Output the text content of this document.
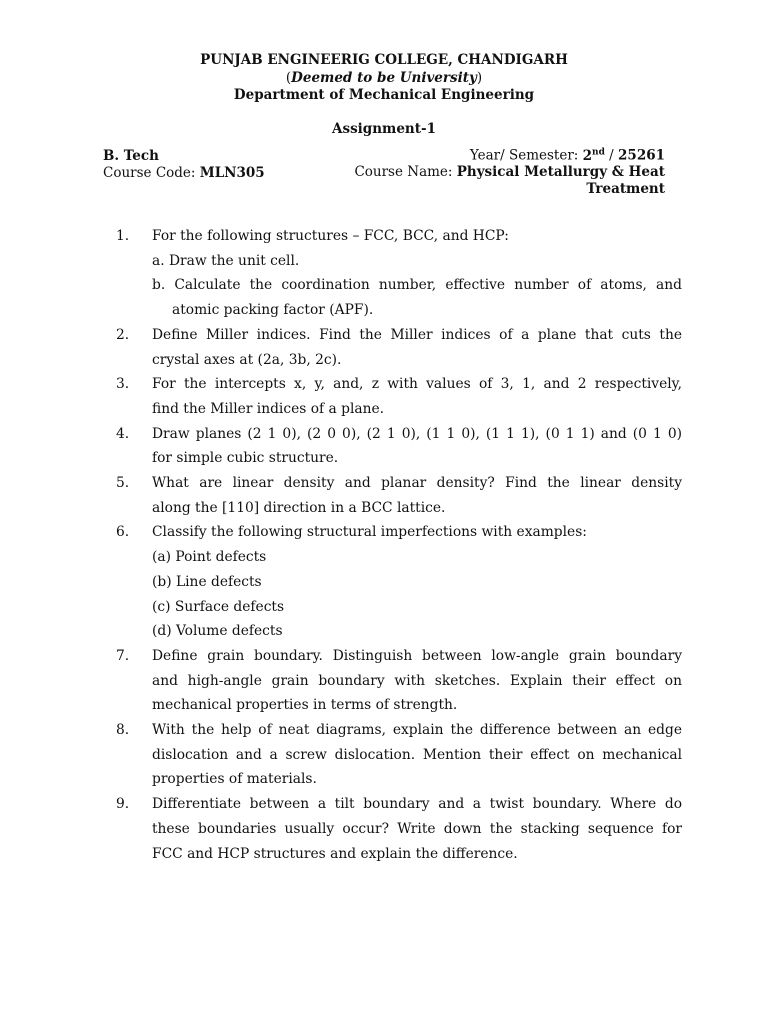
PUNJAB ENGINEERIG COLLEGE, CHANDIGARH
(Deemed to be University)
Department of Mechanical Engineering
Assignment-1
B. Tech
Course Code: MLN305
Year/ Semester: 2nd / 25261
Course Name: Physical Metallurgy & Heat
Treatment
1. For the following structures – FCC, BCC, and HCP:
a. Draw the unit cell.
b. Calculate the coordination number, effective number of atoms, and
atomic packing factor (APF).
2. Define Miller indices. Find the Miller indices of a plane that cuts the
crystal axes at (2a, 3b, 2c).
3. For the intercepts x, y, and, z with values of 3, 1, and 2 respectively,
find the Miller indices of a plane.
4. Draw planes (2 1 0), (2 0 0), (2 1 0), (1 1 0), (1 1 1), (0 1 1) and (0 1 0)
for simple cubic structure.
5. What are linear density and planar density? Find the linear density
along the [110] direction in a BCC lattice.
6. Classify the following structural imperfections with examples:
(a) Point defects
(b) Line defects
(c) Surface defects
(d) Volume defects
7. Define grain boundary. Distinguish between low-angle grain boundary
and high-angle grain boundary with sketches. Explain their effect on
mechanical properties in terms of strength.
8. With the help of neat diagrams, explain the difference between an edge
dislocation and a screw dislocation. Mention their effect on mechanical
properties of materials.
9. Differentiate between a tilt boundary and a twist boundary. Where do
these boundaries usually occur? Write down the stacking sequence for
FCC and HCP structures and explain the difference.
